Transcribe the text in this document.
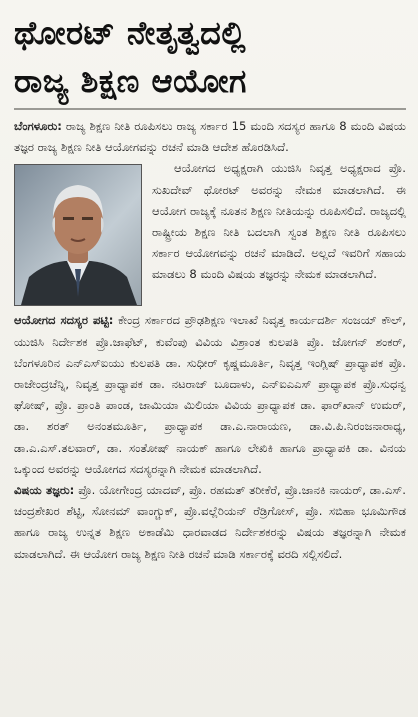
ಥೋರಟ್ ನೇತೃತ್ವದಲ್ಲಿ
ರಾಜ್ಯ ಶಿಕ್ಷಣ ಆಯೋಗ

ಬೆಂಗಳೂರು: ರಾಜ್ಯ ಶಿಕ್ಷಣ ನೀತಿ ರೂಪಿಸಲು ರಾಜ್ಯ ಸರ್ಕಾರ 15 ಮಂದಿ ಸದಸ್ಯರ ಹಾಗೂ 8 ಮಂದಿ ವಿಷಯ ತಜ್ಞರ ರಾಜ್ಯ ಶಿಕ್ಷಣ ನೀತಿ ಆಯೋಗವನ್ನು ರಚನೆ ಮಾಡಿ ಆದೇಶ ಹೊರಡಿಸಿದೆ.

ಆಯೋಗದ ಅಧ್ಯಕ್ಷರಾಗಿ ಯುಜಿಸಿ ನಿವೃತ್ತ ಅಧ್ಯಕ್ಷರಾದ ಪ್ರೊ. ಸುಖದೇವ್ ಥೋರಟ್ ಅವರನ್ನು ನೇಮಕ ಮಾಡಲಾಗಿದೆ. ಈ ಆಯೋಗ ರಾಜ್ಯಕ್ಕೆ ನೂತನ ಶಿಕ್ಷಣ ನೀತಿಯನ್ನು ರೂಪಿಸಲಿದೆ. ರಾಜ್ಯದಲ್ಲಿ ರಾಷ್ಟ್ರೀಯ ಶಿಕ್ಷಣ ನೀತಿ ಬದಲಾಗಿ ಸ್ವಂತ ಶಿಕ್ಷಣ ನೀತಿ ರೂಪಿಸಲು ಸರ್ಕಾರ ಆಯೋಗವನ್ನು ರಚನೆ ಮಾಡಿದೆ. ಅಲ್ಲದೆ ಇವರಿಗೆ ಸಹಾಯ ಮಾಡಲು 8 ಮಂದಿ ವಿಷಯ ತಜ್ಞರನ್ನು ನೇಮಕ ಮಾಡಲಾಗಿದೆ.

ಆಯೋಗದ ಸದಸ್ಯರ ಪಟ್ಟಿ: ಕೇಂದ್ರ ಸರ್ಕಾರದ ಪ್ರೌಢಶಿಕ್ಷಣ ಇಲಾಖೆ ನಿವೃತ್ತ ಕಾರ್ಯದರ್ಶಿ ಸಂಜಯ್ ಕೌಲ್, ಯುಜಿಸಿ ನಿರ್ದೇಶಕ ಪ್ರೊ.ಜಾಫೆಟ್, ಕುವೆಂಪು ವಿವಿಯ ವಿಶ್ರಾಂತ ಕುಲಪತಿ ಪ್ರೊ. ಜೋಗನ್ ಶಂಕರ್, ಬೆಂಗಳೂರಿನ ಎನ್‌ಎಸ್‌ಐಯು ಕುಲಪತಿ ಡಾ. ಸುಧೀರ್ ಕೃಷ್ಣಮೂರ್ತಿ, ನಿವೃತ್ತ ಇಂಗ್ಲಿಷ್ ಪ್ರಾಧ್ಯಾಪಕ ಪ್ರೊ. ರಾಜೇಂದ್ರಚೆನ್ನಿ, ನಿವೃತ್ತ ಪ್ರಾಧ್ಯಾಪಕ ಡಾ. ನಟರಾಜ್ ಬೂದಾಳು, ಎನ್‌ಐಎಎಸ್ ಪ್ರಾಧ್ಯಾಪಕ ಪ್ರೊ.ಸುಧನ್ವ ಘೋಷ್, ಪ್ರೊ. ಪ್ರಾಂತಿ ಪಾಂಡ, ಜಾಮಿಯಾ ಮಿಲಿಯಾ ವಿವಿಯ ಪ್ರಾಧ್ಯಾಪಕ ಡಾ. ಫಾರ್‌ಖಾನ್ ಉಮರ್, ಡಾ. ಶರತ್ ಅನಂತಮೂರ್ತಿ, ಪ್ರಾಧ್ಯಾಪಕ ಡಾ.ಎ.ನಾರಾಯಣ, ಡಾ.ವಿ.ಪಿ.ನಿರಂಜನಾರಾಧ್ಯ, ಡಾ.ಎ.ಎಸ್.ತಲವಾರ್, ಡಾ. ಸಂತೋಷ್ ನಾಯಕ್ ಹಾಗೂ ಲೇಖಿಕಿ ಹಾಗೂ ಪ್ರಾಧ್ಯಾಪಕಿ ಡಾ. ವಿನಯ ಒಕ್ಕುಂದ ಅವರನ್ನು ಆಯೋಗದ ಸದಸ್ಯರನ್ನಾಗಿ ನೇಮಕ ಮಾಡಲಾಗಿದೆ.

ವಿಷಯ ತಜ್ಞರು: ಪ್ರೊ. ಯೋಗೇಂದ್ರ ಯಾದವ್, ಪ್ರೊ. ರಹಮತ್ ತರೀಕೆರೆ, ಪ್ರೊ.ಜಾನಕಿ ನಾಯರ್, ಡಾ.ಎಸ್. ಚಂದ್ರಶೇಖರ ಶೆಟ್ಟಿ, ಸೋನಮ್ ವಾಂಗ್ಚುಕ್, ಪ್ರೊ.ವಲ್ಲೆರಿಯನ್ ರೆಡ್ರಿಗೋಸ್, ಪ್ರೊ. ಸಬಿಹಾ ಭೂಮಿಗೌಡ ಹಾಗೂ ರಾಜ್ಯ ಉನ್ನತ ಶಿಕ್ಷಣ ಅಕಾಡೆಮಿ ಧಾರವಾಡದ ನಿರ್ದೇಶಕರನ್ನು ವಿಷಯ ತಜ್ಞರನ್ನಾಗಿ ನೇಮಕ ಮಾಡಲಾಗಿದೆ. ಈ ಆಯೋಗ ರಾಜ್ಯ ಶಿಕ್ಷಣ ನೀತಿ ರಚನೆ ಮಾಡಿ ಸರ್ಕಾರಕ್ಕೆ ವರದಿ ಸಲ್ಲಿಸಲಿದೆ.
